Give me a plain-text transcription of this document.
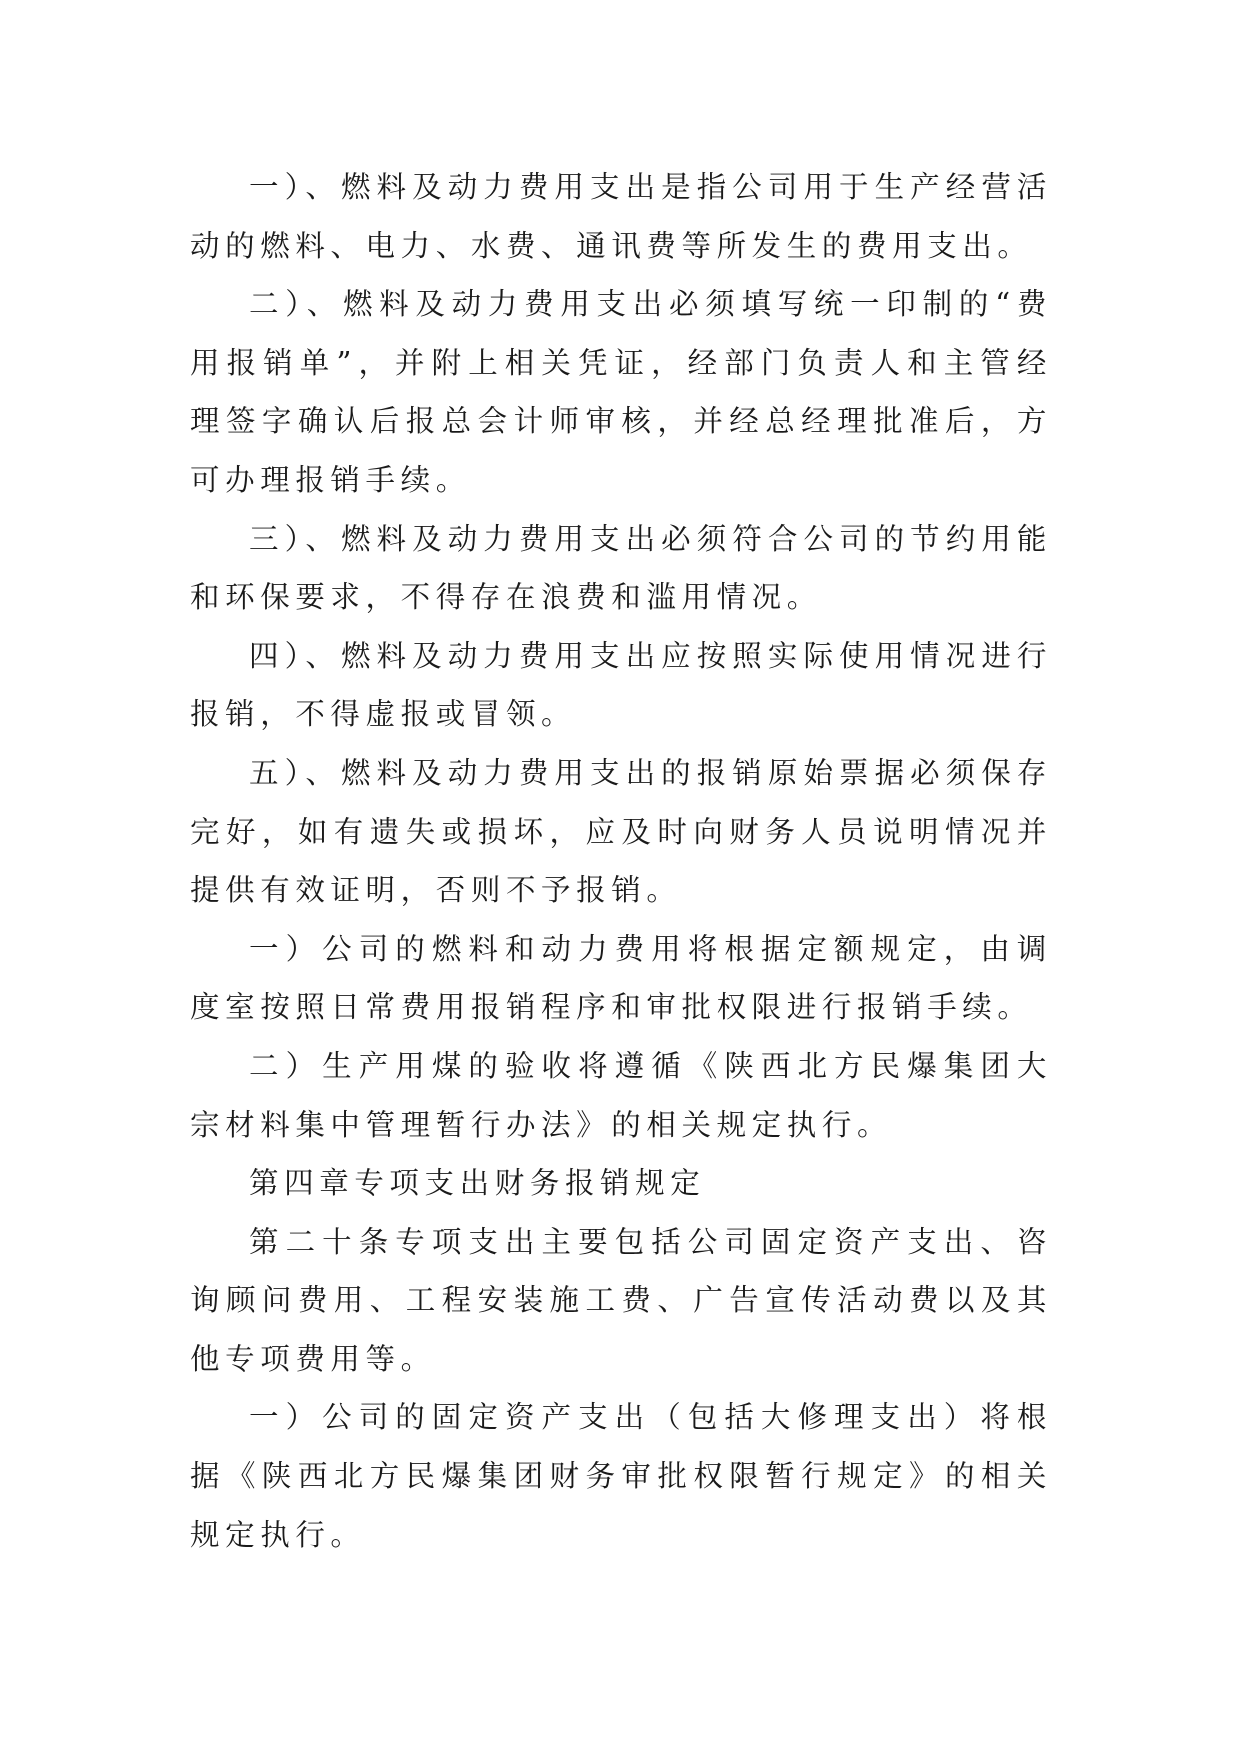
一）、燃料及动力费用支出是指公司用于生产经营活动的燃料、电力、水费、通讯费等所发生的费用支出。

二）、燃料及动力费用支出必须填写统一印制的“费用报销单”，并附上相关凭证，经部门负责人和主管经理签字确认后报总会计师审核，并经总经理批准后，方可办理报销手续。

三）、燃料及动力费用支出必须符合公司的节约用能和环保要求，不得存在浪费和滥用情况。

四）、燃料及动力费用支出应按照实际使用情况进行报销，不得虚报或冒领。

五）、燃料及动力费用支出的报销原始票据必须保存完好，如有遗失或损坏，应及时向财务人员说明情况并提供有效证明，否则不予报销。

一）公司的燃料和动力费用将根据定额规定，由调度室按照日常费用报销程序和审批权限进行报销手续。

二）生产用煤的验收将遵循《陕西北方民爆集团大宗材料集中管理暂行办法》的相关规定执行。

第四章专项支出财务报销规定

第二十条专项支出主要包括公司固定资产支出、咨询顾问费用、工程安装施工费、广告宣传活动费以及其他专项费用等。

一）公司的固定资产支出（包括大修理支出）将根据《陕西北方民爆集团财务审批权限暂行规定》的相关规定执行。
